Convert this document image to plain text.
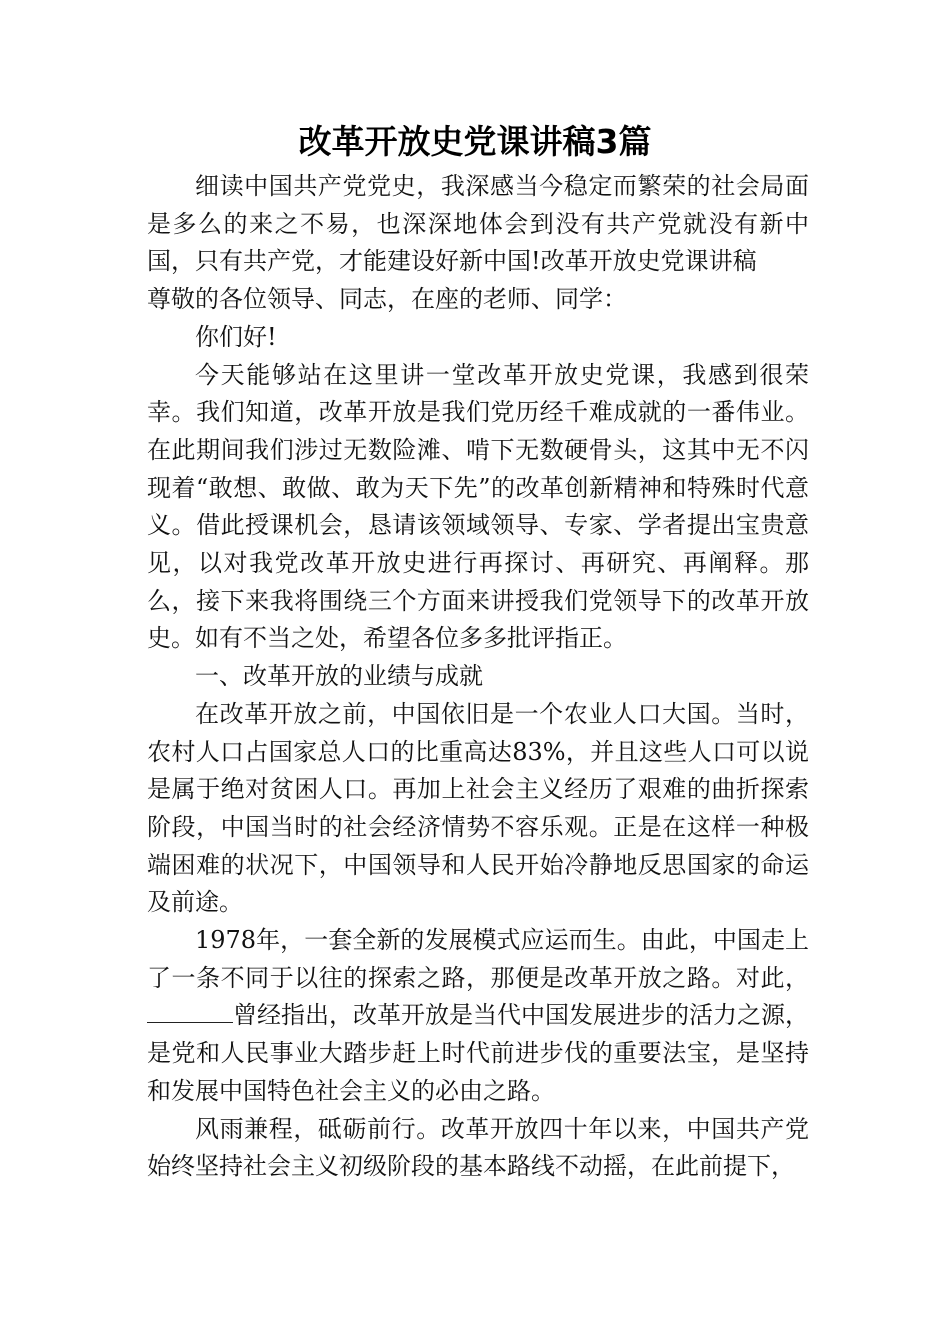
改革开放史党课讲稿3篇

细读中国共产党党史，我深感当今稳定而繁荣的社会局面是多么的来之不易，也深深地体会到没有共产党就没有新中国，只有共产党，才能建设好新中国!改革开放史党课讲稿

尊敬的各位领导、同志，在座的老师、同学：

你们好!

今天能够站在这里讲一堂改革开放史党课，我感到很荣幸。我们知道，改革开放是我们党历经千难成就的一番伟业。在此期间我们涉过无数险滩、啃下无数硬骨头，这其中无不闪现着“敢想、敢做、敢为天下先”的改革创新精神和特殊时代意义。借此授课机会，恳请该领域领导、专家、学者提出宝贵意见，以对我党改革开放史进行再探讨、再研究、再阐释。那么，接下来我将围绕三个方面来讲授我们党领导下的改革开放史。如有不当之处，希望各位多多批评指正。

一、改革开放的业绩与成就

在改革开放之前，中国依旧是一个农业人口大国。当时，农村人口占国家总人口的比重高达83%，并且这些人口可以说是属于绝对贫困人口。再加上社会主义经历了艰难的曲折探索阶段，中国当时的社会经济情势不容乐观。正是在这样一种极端困难的状况下，中国领导和人民开始冷静地反思国家的命运及前途。

1978年，一套全新的发展模式应运而生。由此，中国走上了一条不同于以往的探索之路，那便是改革开放之路。对此，曾经指出，改革开放是当代中国发展进步的活力之源，是党和人民事业大踏步赶上时代前进步伐的重要法宝，是坚持和发展中国特色社会主义的必由之路。

风雨兼程，砥砺前行。改革开放四十年以来，中国共产党始终坚持社会主义初级阶段的基本路线不动摇，在此前提下，
